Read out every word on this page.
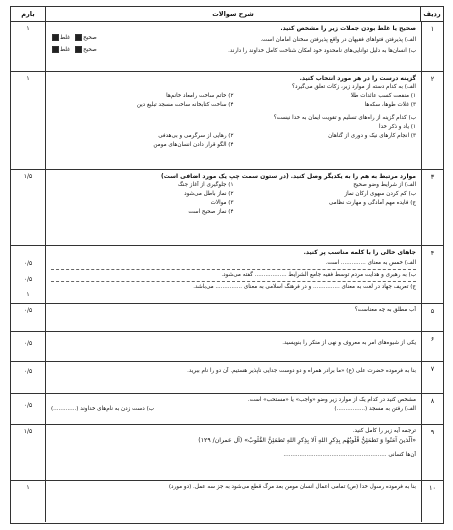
ردیف
شرح سوالات
بارم
۱
صحیح یا غلط بودن جملات زیر را مشخص کنید.
الف) پذیرفتن فتواهای فقیهان در واقع پذیرفتن سخنان امامان است.
ب) انسان‌ها به دلیل توانایی‌های نامحدود خود امکان شناخت کامل خداوند را دارند.
غلط	صحیح
غلط	صحیح
۱
۲
گزینه درست را در هر مورد انتخاب کنید.
الف) به کدام دسته از موارد زیر، زکات تعلق می‌گیرد؟
۱) منفعت کسب عائدات طلا
۲) خاتم ساخت رامعاد خانم‌ها
۳) غلات طوها، سکه‌ها
۴) ساخت کتابخانه ساخت مسجد تبلیغ دین
ب) کدام گزینه از راه‌های تسلیم و تقویت ایمان به خدا نیست؟
۱) یاد و ذکر خدا
۳) انجام کارهای نیک و دوری از گناهان
۲) رهایی از سرگرمی و بی‌هدفی
۴) الگو قرار دادن انسان‌های مومن
۱
۳
موارد مرتبط به هم را به یکدیگر وصل کنید. (در ستون سمت چپ یک مورد اضافی است)
الف) از شرایط وضو صحیح
۱) جلوگیری از آغاز جنگ
ب) کم کردن سهوی ارکان نماز
۲) نماز باطل می‌شود
ج) فایده مهم آمادگی و مهارت نظامی
۳) موالات
۴) نماز صحیح است
۱/۵
۴
جاهای خالی را با کلمه مناسب پر کنید.
الف) خمس به معنای .............. است.
ب) به رهبری و هدایت مردم توسط فقیه جامع الشرایط .................. گفته می‌شود.
ج) تعریف جهاد در لغت به معنای ............... و در فرهنگ اسلامی به معنای ............... می‌باشد.
۰/۵
۰/۵
۱
۵
آب مطلق به چه معناست؟
۰/۵
۶
یکی از شیوه‌های امر به معروف و نهی از منکر را بنویسید.
۰/۵
۷
بنا به فرموده حضرت علی (ع) «ما برادر همراه و دو دوست جدایی ناپذیر هستیم. آن دو را نام ببرید.
۰/۵
۸
مشخص کنید در کدام یک از موارد زیر وضو «واجب» یا «مستحب» است.
الف) رفتن به مسجد (................)
ب) دست زدن به نام‌های خداوند (.............)
۰/۵
۹
ترجمه آیه زیر را کامل کنید.
«اَلَّذینَ آمَنُوا وَ تَطمَئِنُّ قُلُوبُهُم بِذِکرِ اللهِ اَلا بِذِکرِ اللهِ تَطمَئِنُّ القُلُوبُ» (آل عمران/ ۱۲۹)
آن‌ها کسانی ..........................................................
۱/۵
۱۰
بنا به فرموده رسول خدا (ص) تمامی اعمال انسان مومن بعد مرگ قطع می‌شود به جز سه عمل. (دو مورد)
۱
